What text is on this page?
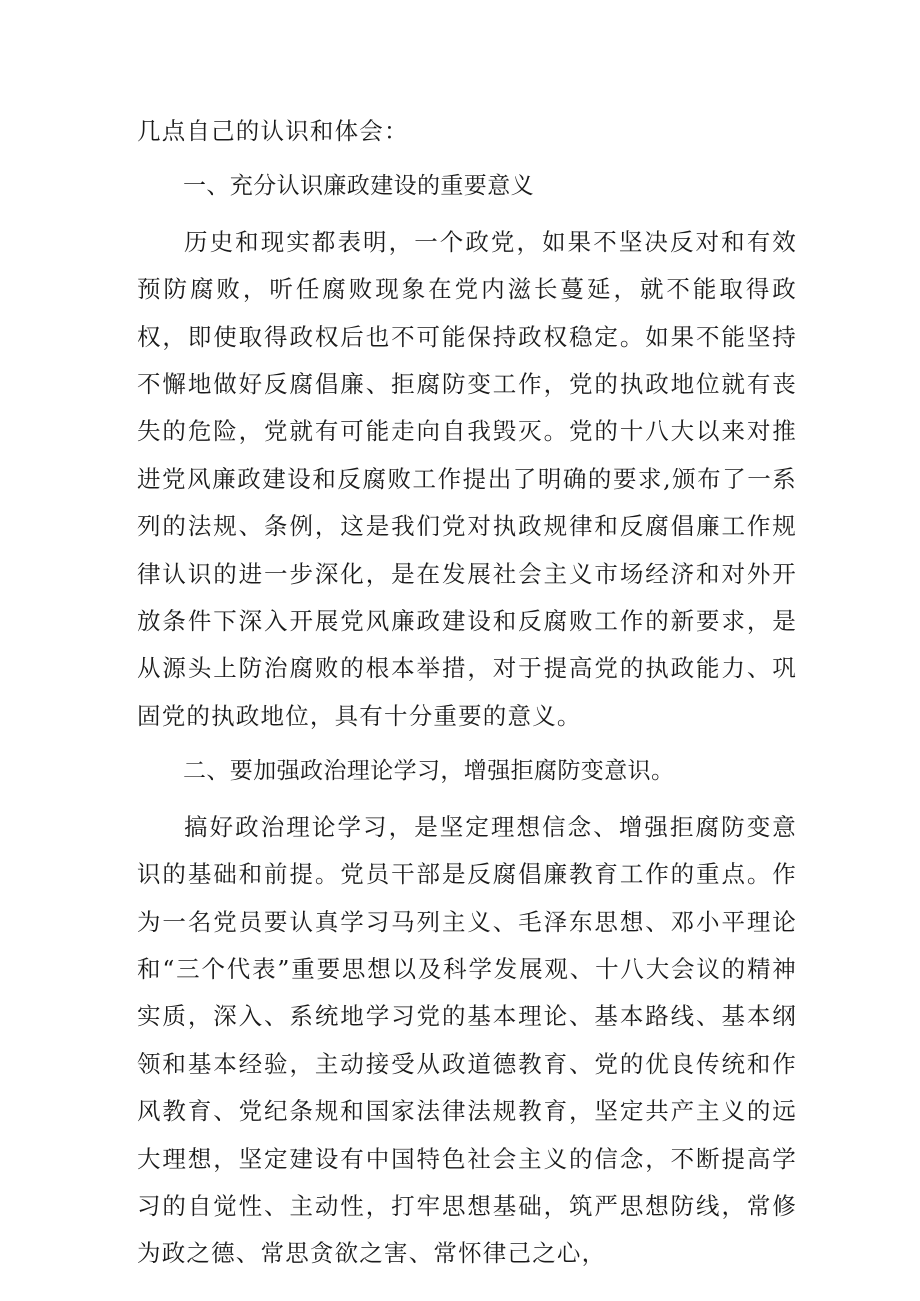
几点自己的认识和体会：

一、充分认识廉政建设的重要意义

历史和现实都表明，一个政党，如果不坚决反对和有效预防腐败，听任腐败现象在党内滋长蔓延，就不能取得政权，即使取得政权后也不可能保持政权稳定。如果不能坚持不懈地做好反腐倡廉、拒腐防变工作，党的执政地位就有丧失的危险，党就有可能走向自我毁灭。党的十八大以来对推进党风廉政建设和反腐败工作提出了明确的要求,颁布了一系列的法规、条例，这是我们党对执政规律和反腐倡廉工作规律认识的进一步深化，是在发展社会主义市场经济和对外开放条件下深入开展党风廉政建设和反腐败工作的新要求，是从源头上防治腐败的根本举措，对于提高党的执政能力、巩固党的执政地位，具有十分重要的意义。

二、要加强政治理论学习，增强拒腐防变意识。

搞好政治理论学习，是坚定理想信念、增强拒腐防变意识的基础和前提。党员干部是反腐倡廉教育工作的重点。作为一名党员要认真学习马列主义、毛泽东思想、邓小平理论和“三个代表”重要思想以及科学发展观、十八大会议的精神实质，深入、系统地学习党的基本理论、基本路线、基本纲领和基本经验，主动接受从政道德教育、党的优良传统和作风教育、党纪条规和国家法律法规教育，坚定共产主义的远大理想，坚定建设有中国特色社会主义的信念，不断提高学习的自觉性、主动性，打牢思想基础，筑严思想防线，常修为政之德、常思贪欲之害、常怀律己之心，
